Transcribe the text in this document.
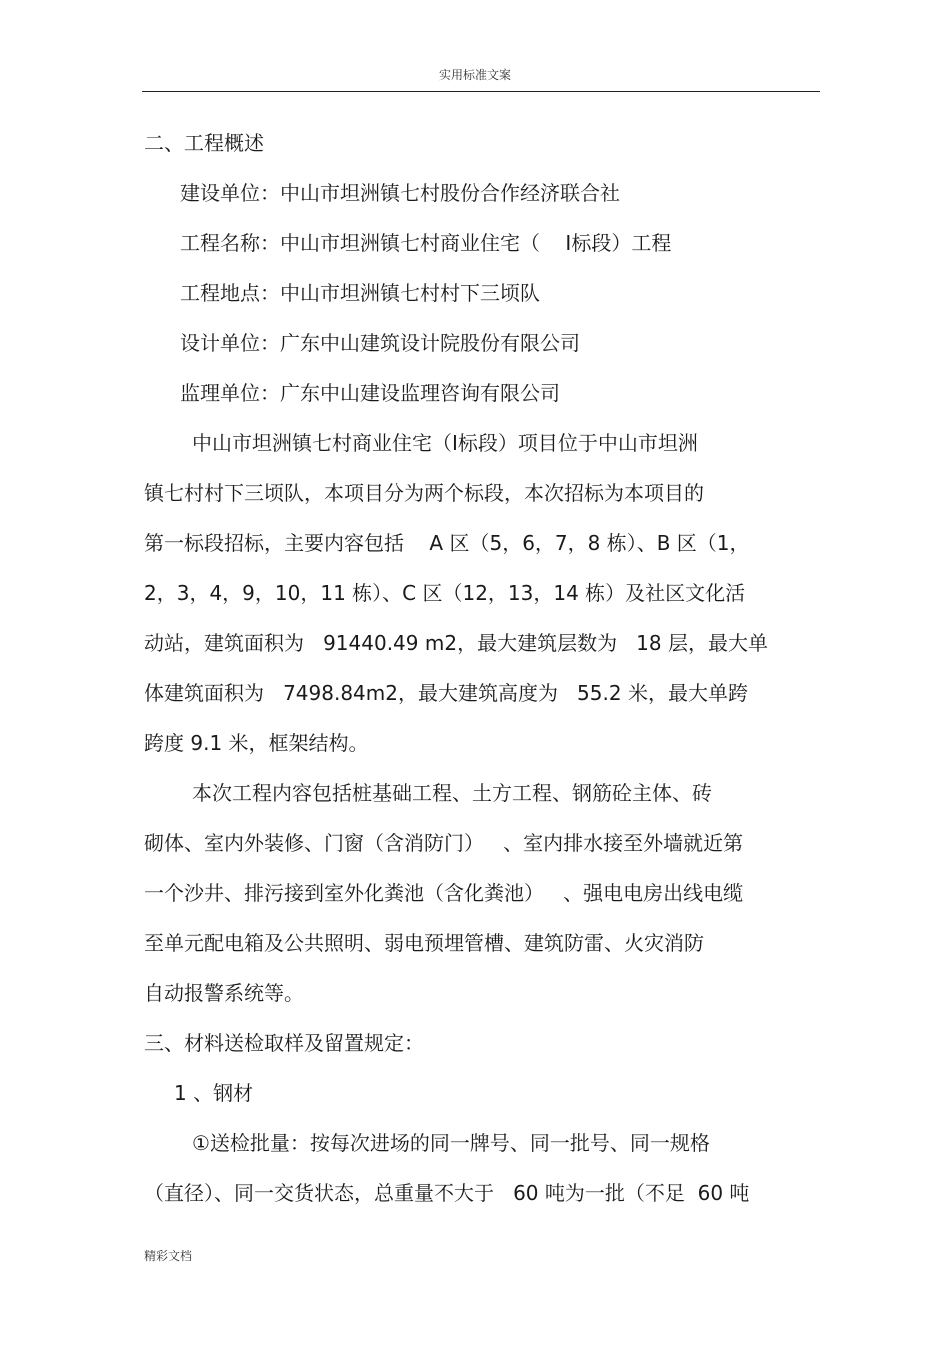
实用标准文案
二、工程概述
建设单位：中山市坦洲镇七村股份合作经济联合社
工程名称：中山市坦洲镇七村商业住宅（    Ⅰ标段）工程
工程地点：中山市坦洲镇七村村下三顷队
设计单位：广东中山建筑设计院股份有限公司
监理单位：广东中山建设监理咨询有限公司
中山市坦洲镇七村商业住宅（Ⅰ标段）项目位于中山市坦洲
镇七村村下三顷队，本项目分为两个标段，本次招标为本项目的
第一标段招标，主要内容包括    A 区（5，6，7，8 栋）、B 区（1，
2，3，4，9，10，11 栋）、C 区（12，13，14 栋）及社区文化活
动站，建筑面积为   91440.49 m2，最大建筑层数为   18 层，最大单
体建筑面积为   7498.84m2，最大建筑高度为   55.2 米，最大单跨
跨度 9.1 米，框架结构。
本次工程内容包括桩基础工程、土方工程、钢筋砼主体、砖
砌体、室内外装修、门窗（含消防门）   、室内排水接至外墙就近第
一个沙井、排污接到室外化粪池（含化粪池）   、强电电房出线电缆
至单元配电箱及公共照明、弱电预埋管槽、建筑防雷、火灾消防
自动报警系统等。
三、材料送检取样及留置规定：
1 、钢材
①送检批量：按每次进场的同一牌号、同一批号、同一规格
（直径）、同一交货状态，总重量不大于   60 吨为一批（不足  60 吨
精彩文档
